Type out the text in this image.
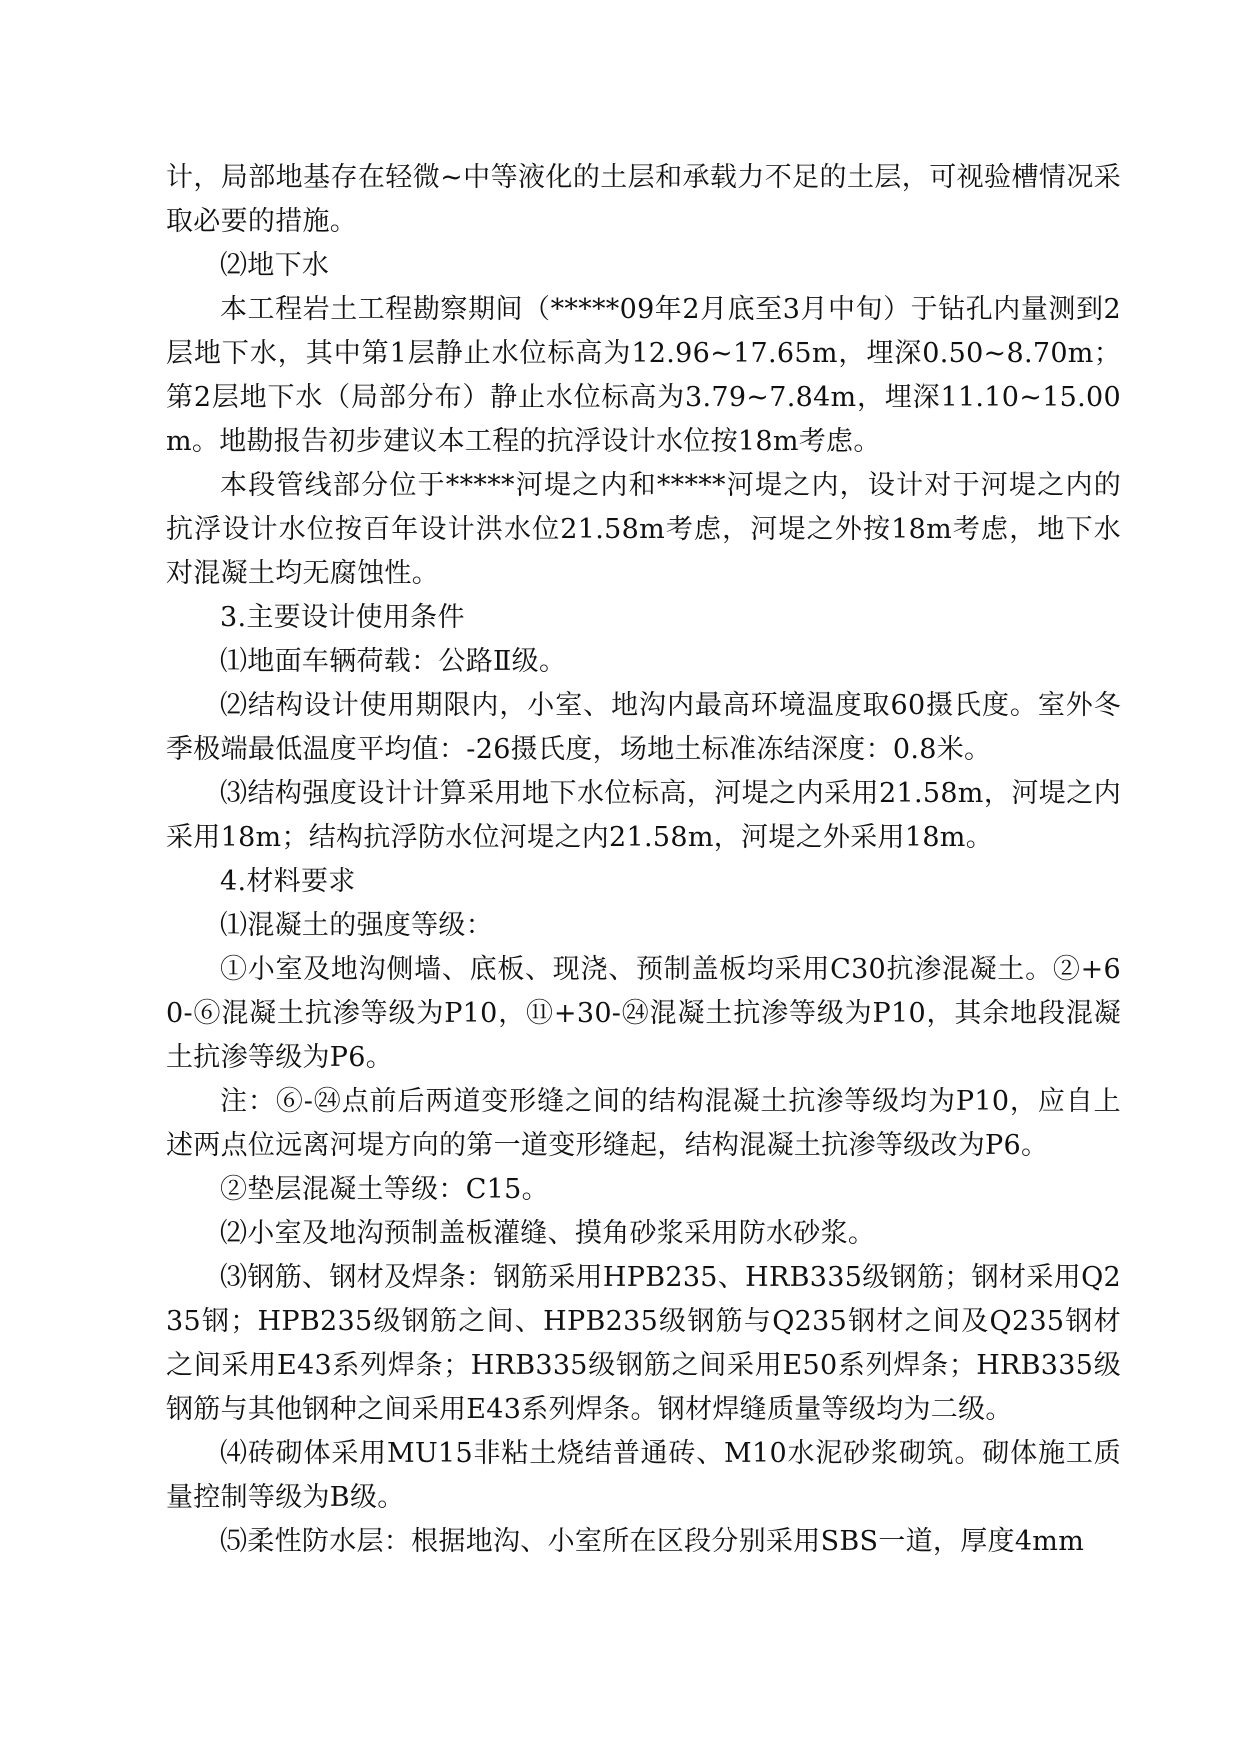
计，局部地基存在轻微~中等液化的土层和承载力不足的土层，可视验槽情况采取必要的措施。

⑵地下水

本工程岩土工程勘察期间（*****09年2月底至3月中旬）于钻孔内量测到2层地下水，其中第1层静止水位标高为12.96~17.65m，埋深0.50~8.70m；第2层地下水（局部分布）静止水位标高为3.79~7.84m，埋深11.10~15.00m。地勘报告初步建议本工程的抗浮设计水位按18m考虑。

本段管线部分位于*****河堤之内和*****河堤之内，设计对于河堤之内的抗浮设计水位按百年设计洪水位21.58m考虑，河堤之外按18m考虑，地下水对混凝土均无腐蚀性。

3.主要设计使用条件

⑴地面车辆荷载：公路Ⅱ级。

⑵结构设计使用期限内，小室、地沟内最高环境温度取60摄氏度。室外冬季极端最低温度平均值：-26摄氏度，场地土标准冻结深度：0.8米。

⑶结构强度设计计算采用地下水位标高，河堤之内采用21.58m，河堤之内采用18m；结构抗浮防水位河堤之内21.58m，河堤之外采用18m。

4.材料要求

⑴混凝土的强度等级：

①小室及地沟侧墙、底板、现浇、预制盖板均采用C30抗渗混凝土。②+60-⑥混凝土抗渗等级为P10，⑪+30-㉔混凝土抗渗等级为P10，其余地段混凝土抗渗等级为P6。

注：⑥-㉔点前后两道变形缝之间的结构混凝土抗渗等级均为P10，应自上述两点位远离河堤方向的第一道变形缝起，结构混凝土抗渗等级改为P6。

②垫层混凝土等级：C15。

⑵小室及地沟预制盖板灌缝、摸角砂浆采用防水砂浆。

⑶钢筋、钢材及焊条：钢筋采用HPB235、HRB335级钢筋；钢材采用Q235钢；HPB235级钢筋之间、HPB235级钢筋与Q235钢材之间及Q235钢材之间采用E43系列焊条；HRB335级钢筋之间采用E50系列焊条；HRB335级钢筋与其他钢种之间采用E43系列焊条。钢材焊缝质量等级均为二级。

⑷砖砌体采用MU15非粘土烧结普通砖、M10水泥砂浆砌筑。砌体施工质量控制等级为B级。

⑸柔性防水层：根据地沟、小室所在区段分别采用SBS一道，厚度4mm
